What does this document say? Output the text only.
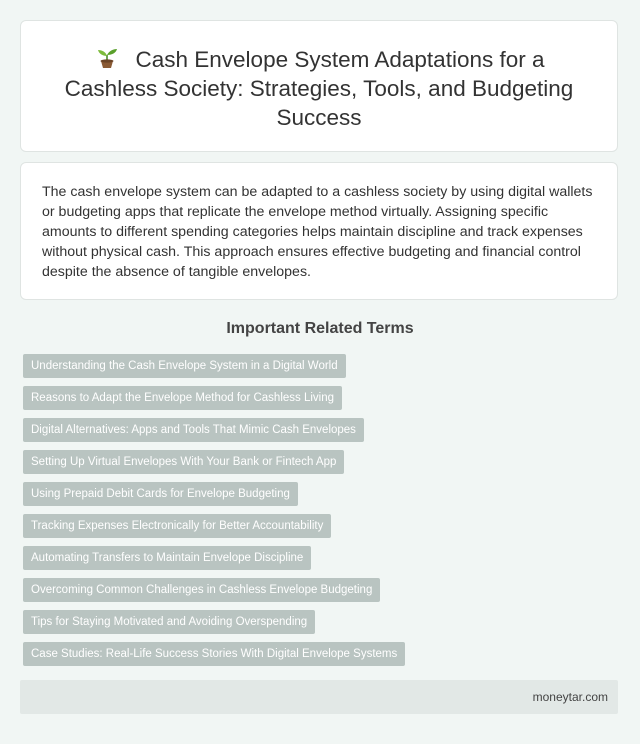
Cash Envelope System Adaptations for a Cashless Society: Strategies, Tools, and Budgeting Success

The cash envelope system can be adapted to a cashless society by using digital wallets or budgeting apps that replicate the envelope method virtually. Assigning specific amounts to different spending categories helps maintain discipline and track expenses without physical cash. This approach ensures effective budgeting and financial control despite the absence of tangible envelopes.

Important Related Terms
Understanding the Cash Envelope System in a Digital World
Reasons to Adapt the Envelope Method for Cashless Living
Digital Alternatives: Apps and Tools That Mimic Cash Envelopes
Setting Up Virtual Envelopes With Your Bank or Fintech App
Using Prepaid Debit Cards for Envelope Budgeting
Tracking Expenses Electronically for Better Accountability
Automating Transfers to Maintain Envelope Discipline
Overcoming Common Challenges in Cashless Envelope Budgeting
Tips for Staying Motivated and Avoiding Overspending
Case Studies: Real-Life Success Stories With Digital Envelope Systems
moneytar.com
